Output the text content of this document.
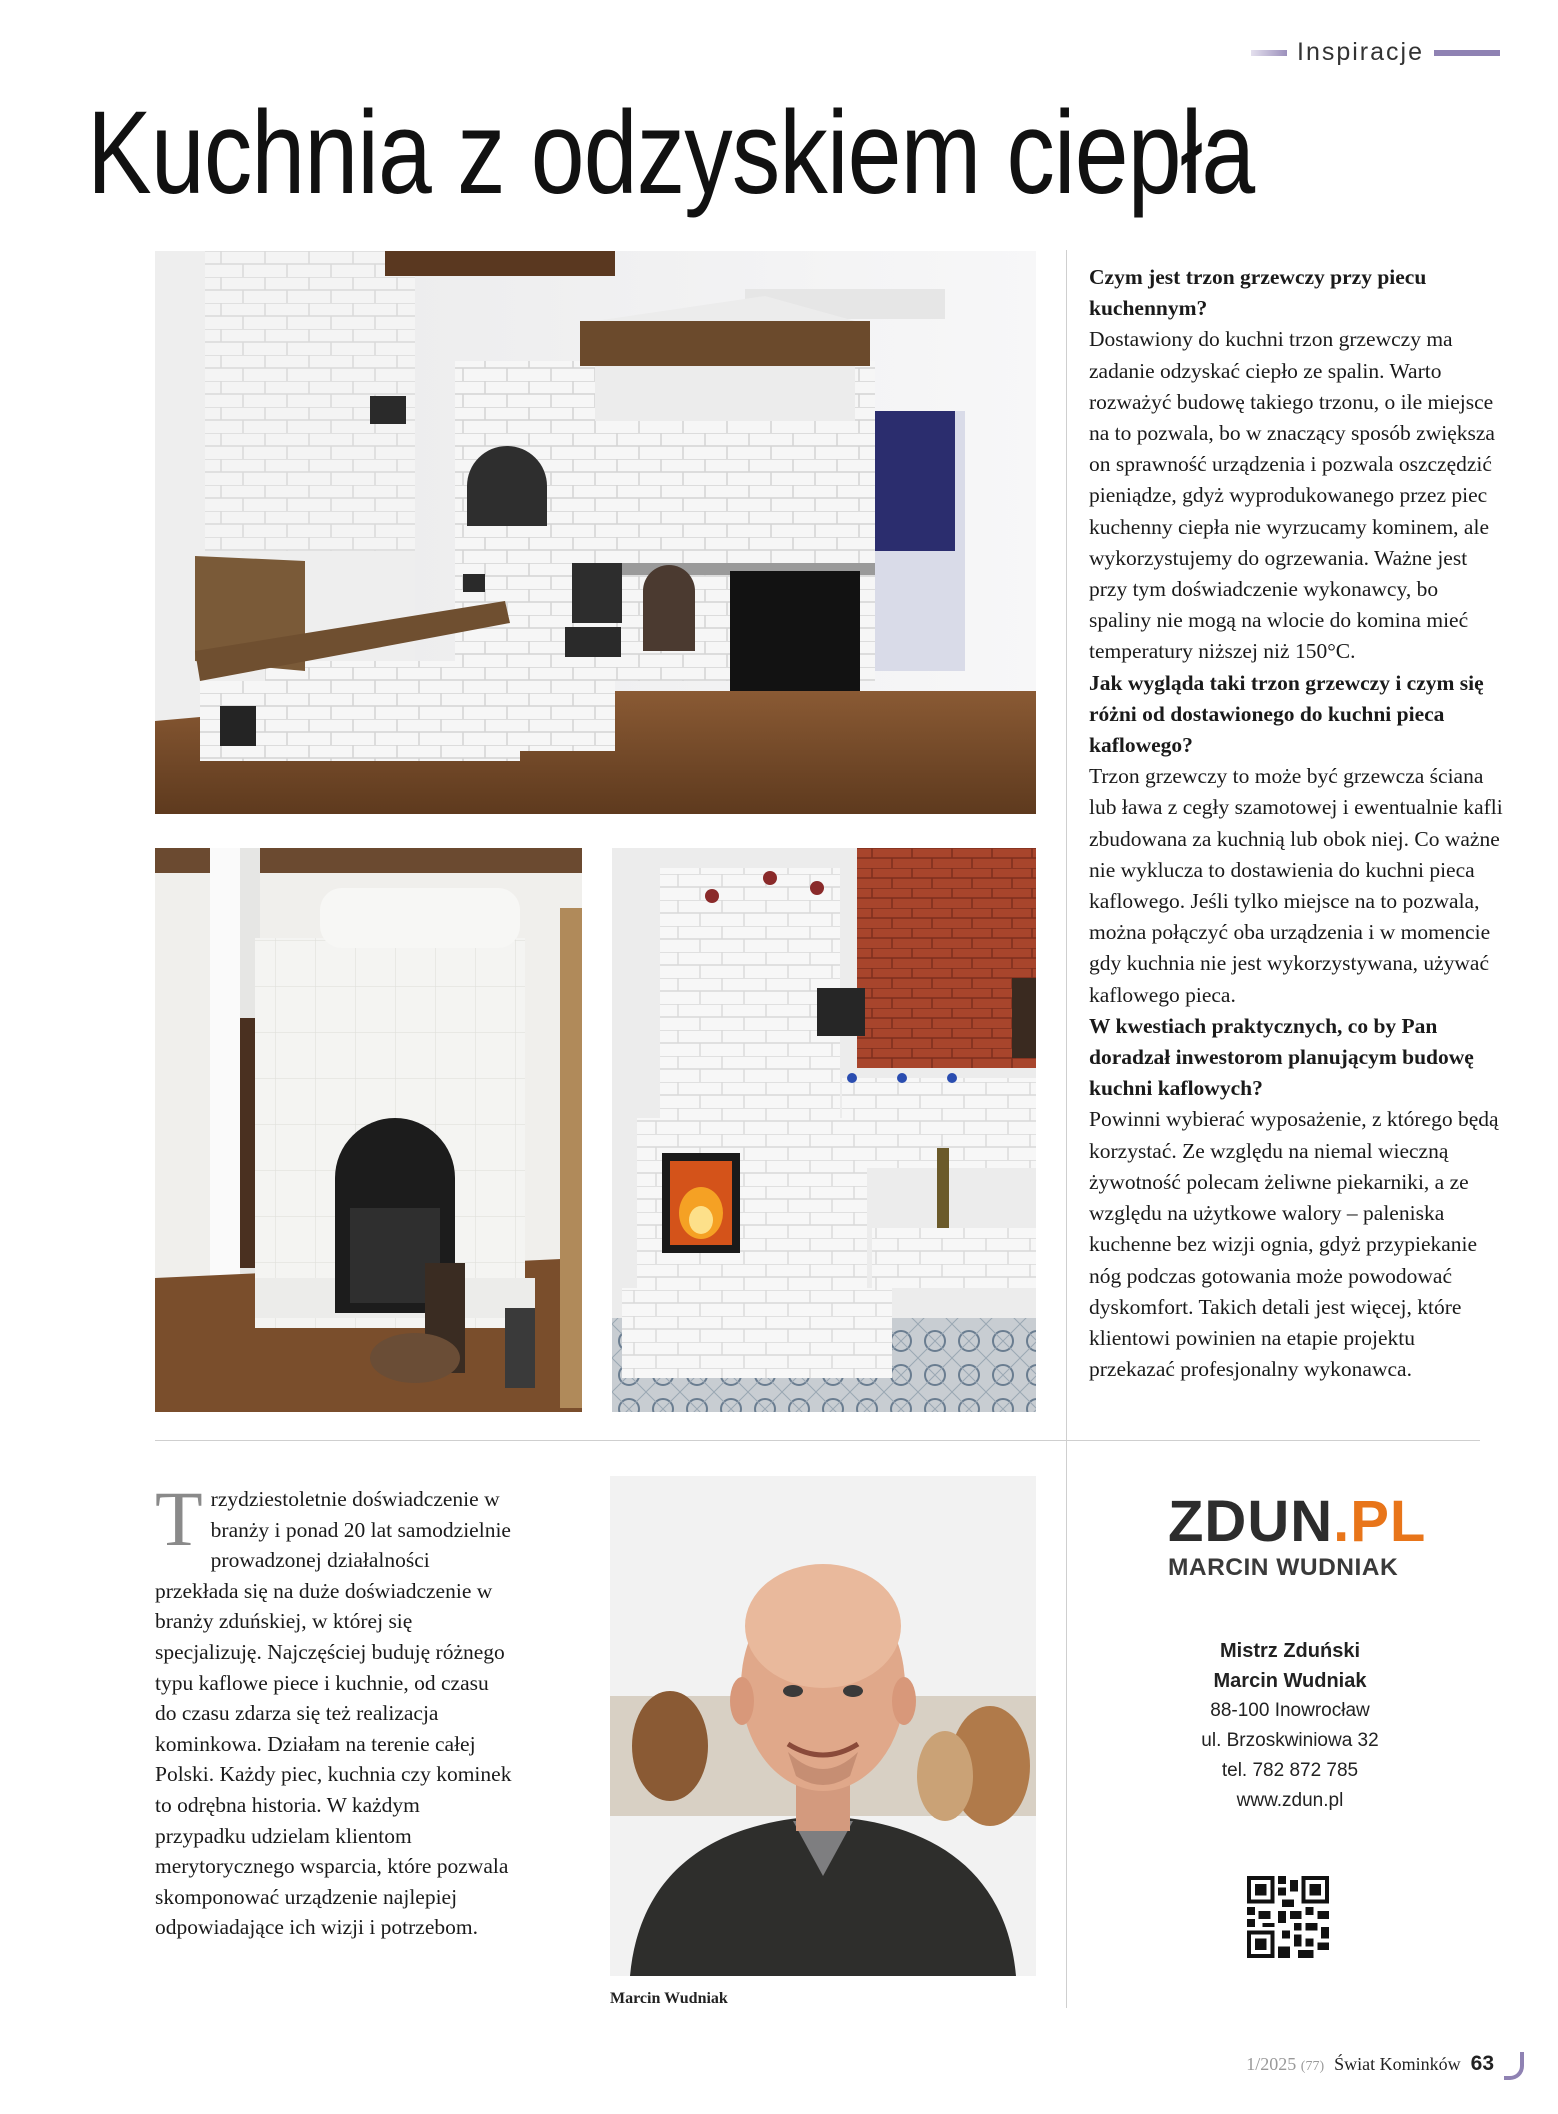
Inspiracje
Kuchnia z odzyskiem ciepła

Czym jest trzon grzewczy przy piecu kuchennym?

Dostawiony do kuchni trzon grzewczy ma zadanie odzyskać ciepło ze spalin. Warto rozważyć budowę takiego trzonu, o ile miejsce na to pozwala, bo w znaczący sposób zwiększa on sprawność urządzenia i pozwala oszczędzić pieniądze, gdyż wyprodukowanego przez piec kuchenny ciepła nie wyrzucamy kominem, ale wykorzystujemy do ogrzewania. Ważne jest przy tym doświadczenie wykonawcy, bo spaliny nie mogą na wlocie do komina mieć temperatury niższej niż 150°C.

Jak wygląda taki trzon grzewczy i czym się różni od dostawionego do kuchni pieca kaflowego?

Trzon grzewczy to może być grzewcza ściana lub ława z cegły szamotowej i ewentualnie kafli zbudowana za kuchnią lub obok niej. Co ważne nie wyklucza to dostawienia do kuchni pieca kaflowego. Jeśli tylko miejsce na to pozwala, można połączyć oba urządzenia i w momencie gdy kuchnia nie jest wykorzystywana, używać kaflowego pieca.

W kwestiach praktycznych, co by Pan doradzał inwestorom planującym budowę kuchni kaflowych?

Powinni wybierać wyposażenie, z którego będą korzystać. Ze względu na niemal wieczną żywotność polecam żeliwne piekarniki, a ze względu na użytkowe walory – paleniska kuchenne bez wizji ognia, gdyż przypiekanie nóg podczas gotowania może powodować dyskomfort. Takich detali jest więcej, które klientowi powinien na etapie projektu przekazać profesjonalny wykonawca.

Trzydziestoletnie doświadczenie w branży i ponad 20 lat samodzielnie prowadzonej działalności przekłada się na duże doświadczenie w branży zduńskiej, w której się specjalizuję. Najczęściej buduję różnego typu kaflowe piece i kuchnie, od czasu do czasu zdarza się też realizacja kominkowa. Działam na terenie całej Polski. Każdy piec, kuchnia czy kominek to odrębna historia. W każdym przypadku udzielam klientom merytorycznego wsparcia, które pozwala skomponować urządzenie najlepiej odpowiadające ich wizji i potrzebom.
Marcin Wudniak
ZDUN.PL
MARCIN WUDNIAK
Mistrz Zduński
Marcin Wudniak
88-100 Inowrocław
ul. Brzoskwiniowa 32
tel. 782 872 785
www.zdun.pl
1/2025 (77) Świat Kominków 63
